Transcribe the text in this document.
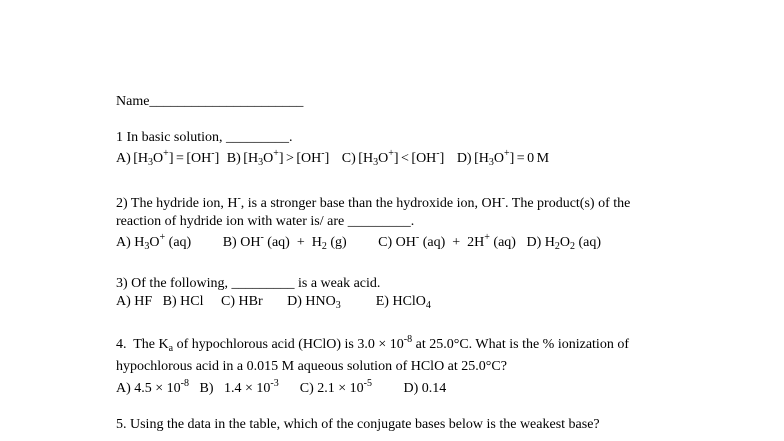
Name______________________
1 In basic solution, _________.
A) $[H_3O^+] = [OH^-]$ B) $[H_3O^+] > [OH^-]$ C) $[H_3O^+] < [OH^-]$ D) $[H_3O^+] = 0$ M
2) The hydride ion, H-, is a stronger base than the hydroxide ion, OH-. The product(s) of the
reaction of hydride ion with water is/ are _________.
A) $H_3O^+$ (aq) B) OH- $(aq) + H_2$ (g) C) OH- (aq)  +  2H+ (aq) D) $H_2O_2$ (aq)
3) Of the following, _________ is a weak acid.
A) HF B) HCl C) HBr D) $HNO_3$	E) HClO$_4$
4.  The $K_a$ of hypochlorous acid (HClO) is $3.0 \times 10^{-8}$ at 25.0°C. What is the % ionization of
hypochlorous acid in a 0.015 M aqueous solution of HClO at 25.0°C?
A) $4.5 \times 10^{-8}$ B)   $1.4 \times 10^{-3}$ C) $2.1 \times 10^{-5}$ D) 0.14
5. Using the data in the table, which of the conjugate bases below is the weakest base?
